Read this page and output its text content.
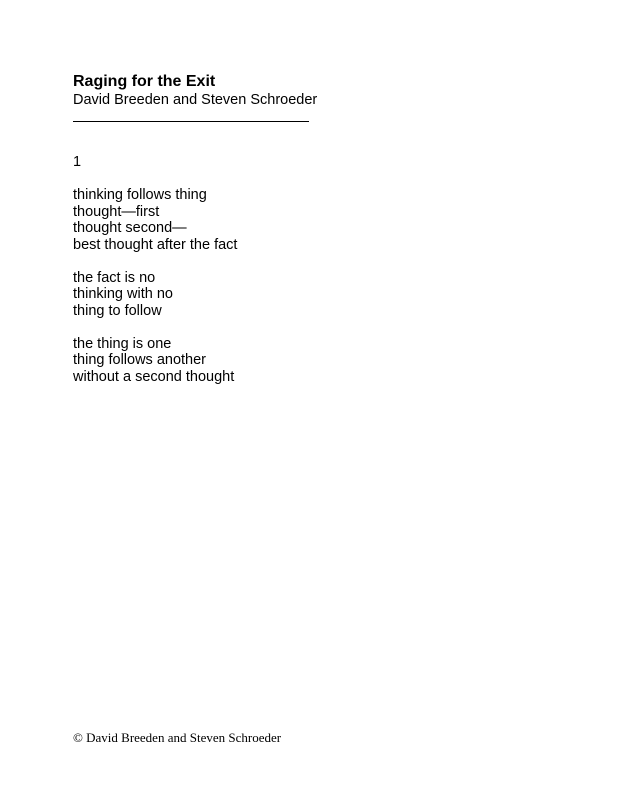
Raging for the Exit
David Breeden and Steven Schroeder
1
thinking follows thing
thought—first
thought second—
best thought after the fact
the fact is no
thinking with no
thing to follow
the thing is one
thing follows another
without a second thought
© David Breeden and Steven Schroeder
